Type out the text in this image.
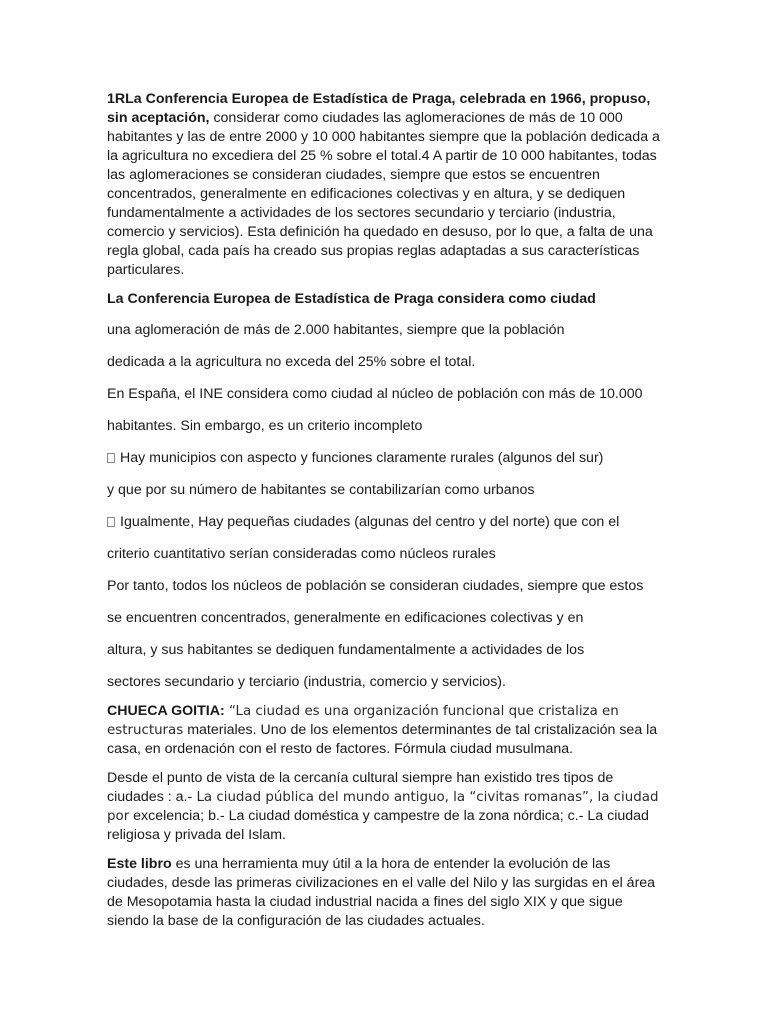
1RLa Conferencia Europea de Estadística de Praga, celebrada en 1966, propuso, sin aceptación, considerar como ciudades las aglomeraciones de más de 10 000 habitantes y las de entre 2000 y 10 000 habitantes siempre que la población dedicada a la agricultura no excediera del 25 % sobre el total.4 A partir de 10 000 habitantes, todas las aglomeraciones se consideran ciudades, siempre que estos se encuentren concentrados, generalmente en edificaciones colectivas y en altura, y se dediquen fundamentalmente a actividades de los sectores secundario y terciario (industria, comercio y servicios). Esta definición ha quedado en desuso, por lo que, a falta de una regla global, cada país ha creado sus propias reglas adaptadas a sus características particulares.

La Conferencia Europea de Estadística de Praga considera como ciudad

una aglomeración de más de 2.000 habitantes, siempre que la población

dedicada a la agricultura no exceda del 25% sobre el total.

En España, el INE considera como ciudad al núcleo de población con más de 10.000

habitantes. Sin embargo, es un criterio incompleto

Hay municipios con aspecto y funciones claramente rurales (algunos del sur)

y que por su número de habitantes se contabilizarían como urbanos

Igualmente, Hay pequeñas ciudades (algunas del centro y del norte) que con el

criterio cuantitativo serían consideradas como núcleos rurales

Por tanto, todos los núcleos de población se consideran ciudades, siempre que estos

se encuentren concentrados, generalmente en edificaciones colectivas y en

altura, y sus habitantes se dediquen fundamentalmente a actividades de los

sectores secundario y terciario (industria, comercio y servicios).

CHUECA GOITIA: “La ciudad es una organización funcional que cristaliza en estructuras materiales. Uno de los elementos determinantes de tal cristalización sea la casa, en ordenación con el resto de factores. Fórmula ciudad musulmana.

Desde el punto de vista de la cercanía cultural siempre han existido tres tipos de ciudades : a.- La ciudad pública del mundo antiguo, la “civitas romanas”, la ciudad por excelencia; b.- La ciudad doméstica y campestre de la zona nórdica; c.- La ciudad religiosa y privada del Islam.

Este libro es una herramienta muy útil a la hora de entender la evolución de las ciudades, desde las primeras civilizaciones en el valle del Nilo y las surgidas en el área de Mesopotamia hasta la ciudad industrial nacida a fines del siglo XIX y que sigue siendo la base de la configuración de las ciudades actuales.
